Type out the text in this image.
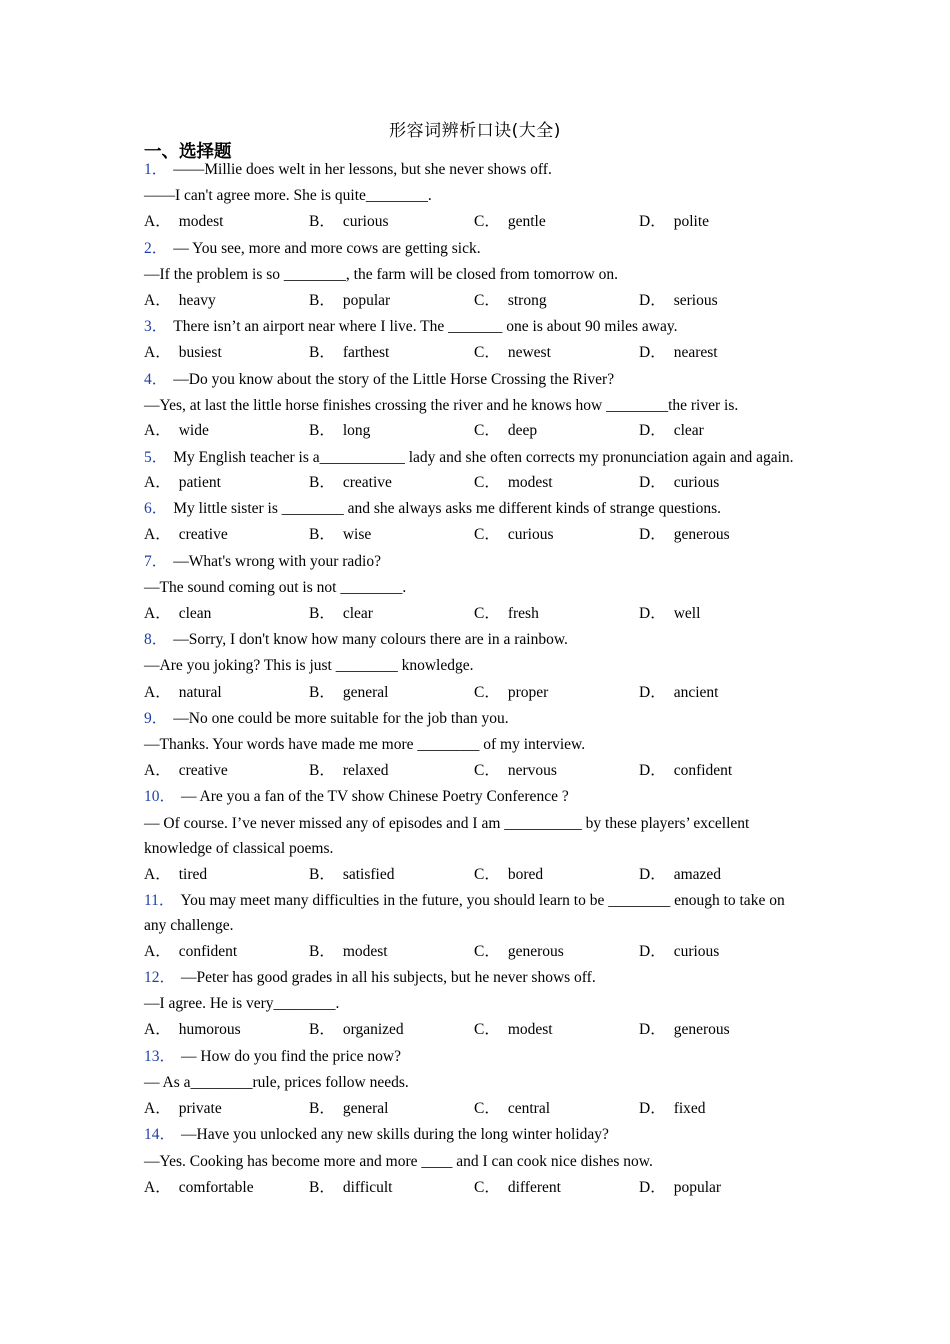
形容词辨析口诀(大全)
一、选择题
1． ——Millie does welt in her lessons, but she never shows off.
——I can't agree more. She is quite________.
A． modest	B． curious	C． gentle	D． polite
2． — You see, more and more cows are getting sick.
—If the problem is so ________, the farm will be closed from tomorrow on.
A． heavy	B． popular	C． strong	D． serious
3． There isn’t an airport near where I live. The _______ one is about 90 miles away.
A． busiest	B． farthest	C． newest	D． nearest
4． —Do you know about the story of the Little Horse Crossing the River?
—Yes, at last the little horse finishes crossing the river and he knows how ________the river is.
A． wide	B． long	C． deep	D． clear
5． My English teacher is a___________ lady and she often corrects my pronunciation again and again.
A． patient	B． creative	C． modest	D． curious
6． My little sister is ________ and she always asks me different kinds of strange questions.
A． creative	B． wise	C． curious	D． generous
7． —What's wrong with your radio?
—The sound coming out is not ________.
A． clean	B． clear	C． fresh	D． well
8． —Sorry, I don't know how many colours there are in a rainbow.
—Are you joking? This is just ________ knowledge.
A． natural	B． general	C． proper	D． ancient
9． —No one could be more suitable for the job than you.
—Thanks. Your words have made me more ________ of my interview.
A． creative	B． relaxed	C． nervous	D． confident
10． — Are you a fan of the TV show Chinese Poetry Conference ?
— Of course. I’ve never missed any of episodes and I am __________ by these players’ excellent knowledge of classical poems.
A． tired	B． satisfied	C． bored	D． amazed
11． You may meet many difficulties in the future, you should learn to be ________ enough to take on any challenge.
A． confident	B． modest	C． generous	D． curious
12． —Peter has good grades in all his subjects, but he never shows off.
—I agree. He is very________.
A． humorous	B． organized	C． modest	D． generous
13． — How do you find the price now?
— As a________rule, prices follow needs.
A． private	B． general	C． central	D． fixed
14． —Have you unlocked any new skills during the long winter holiday?
—Yes. Cooking has become more and more ____ and I can cook nice dishes now.
A． comfortable	B． difficult	C． different	D． popular
